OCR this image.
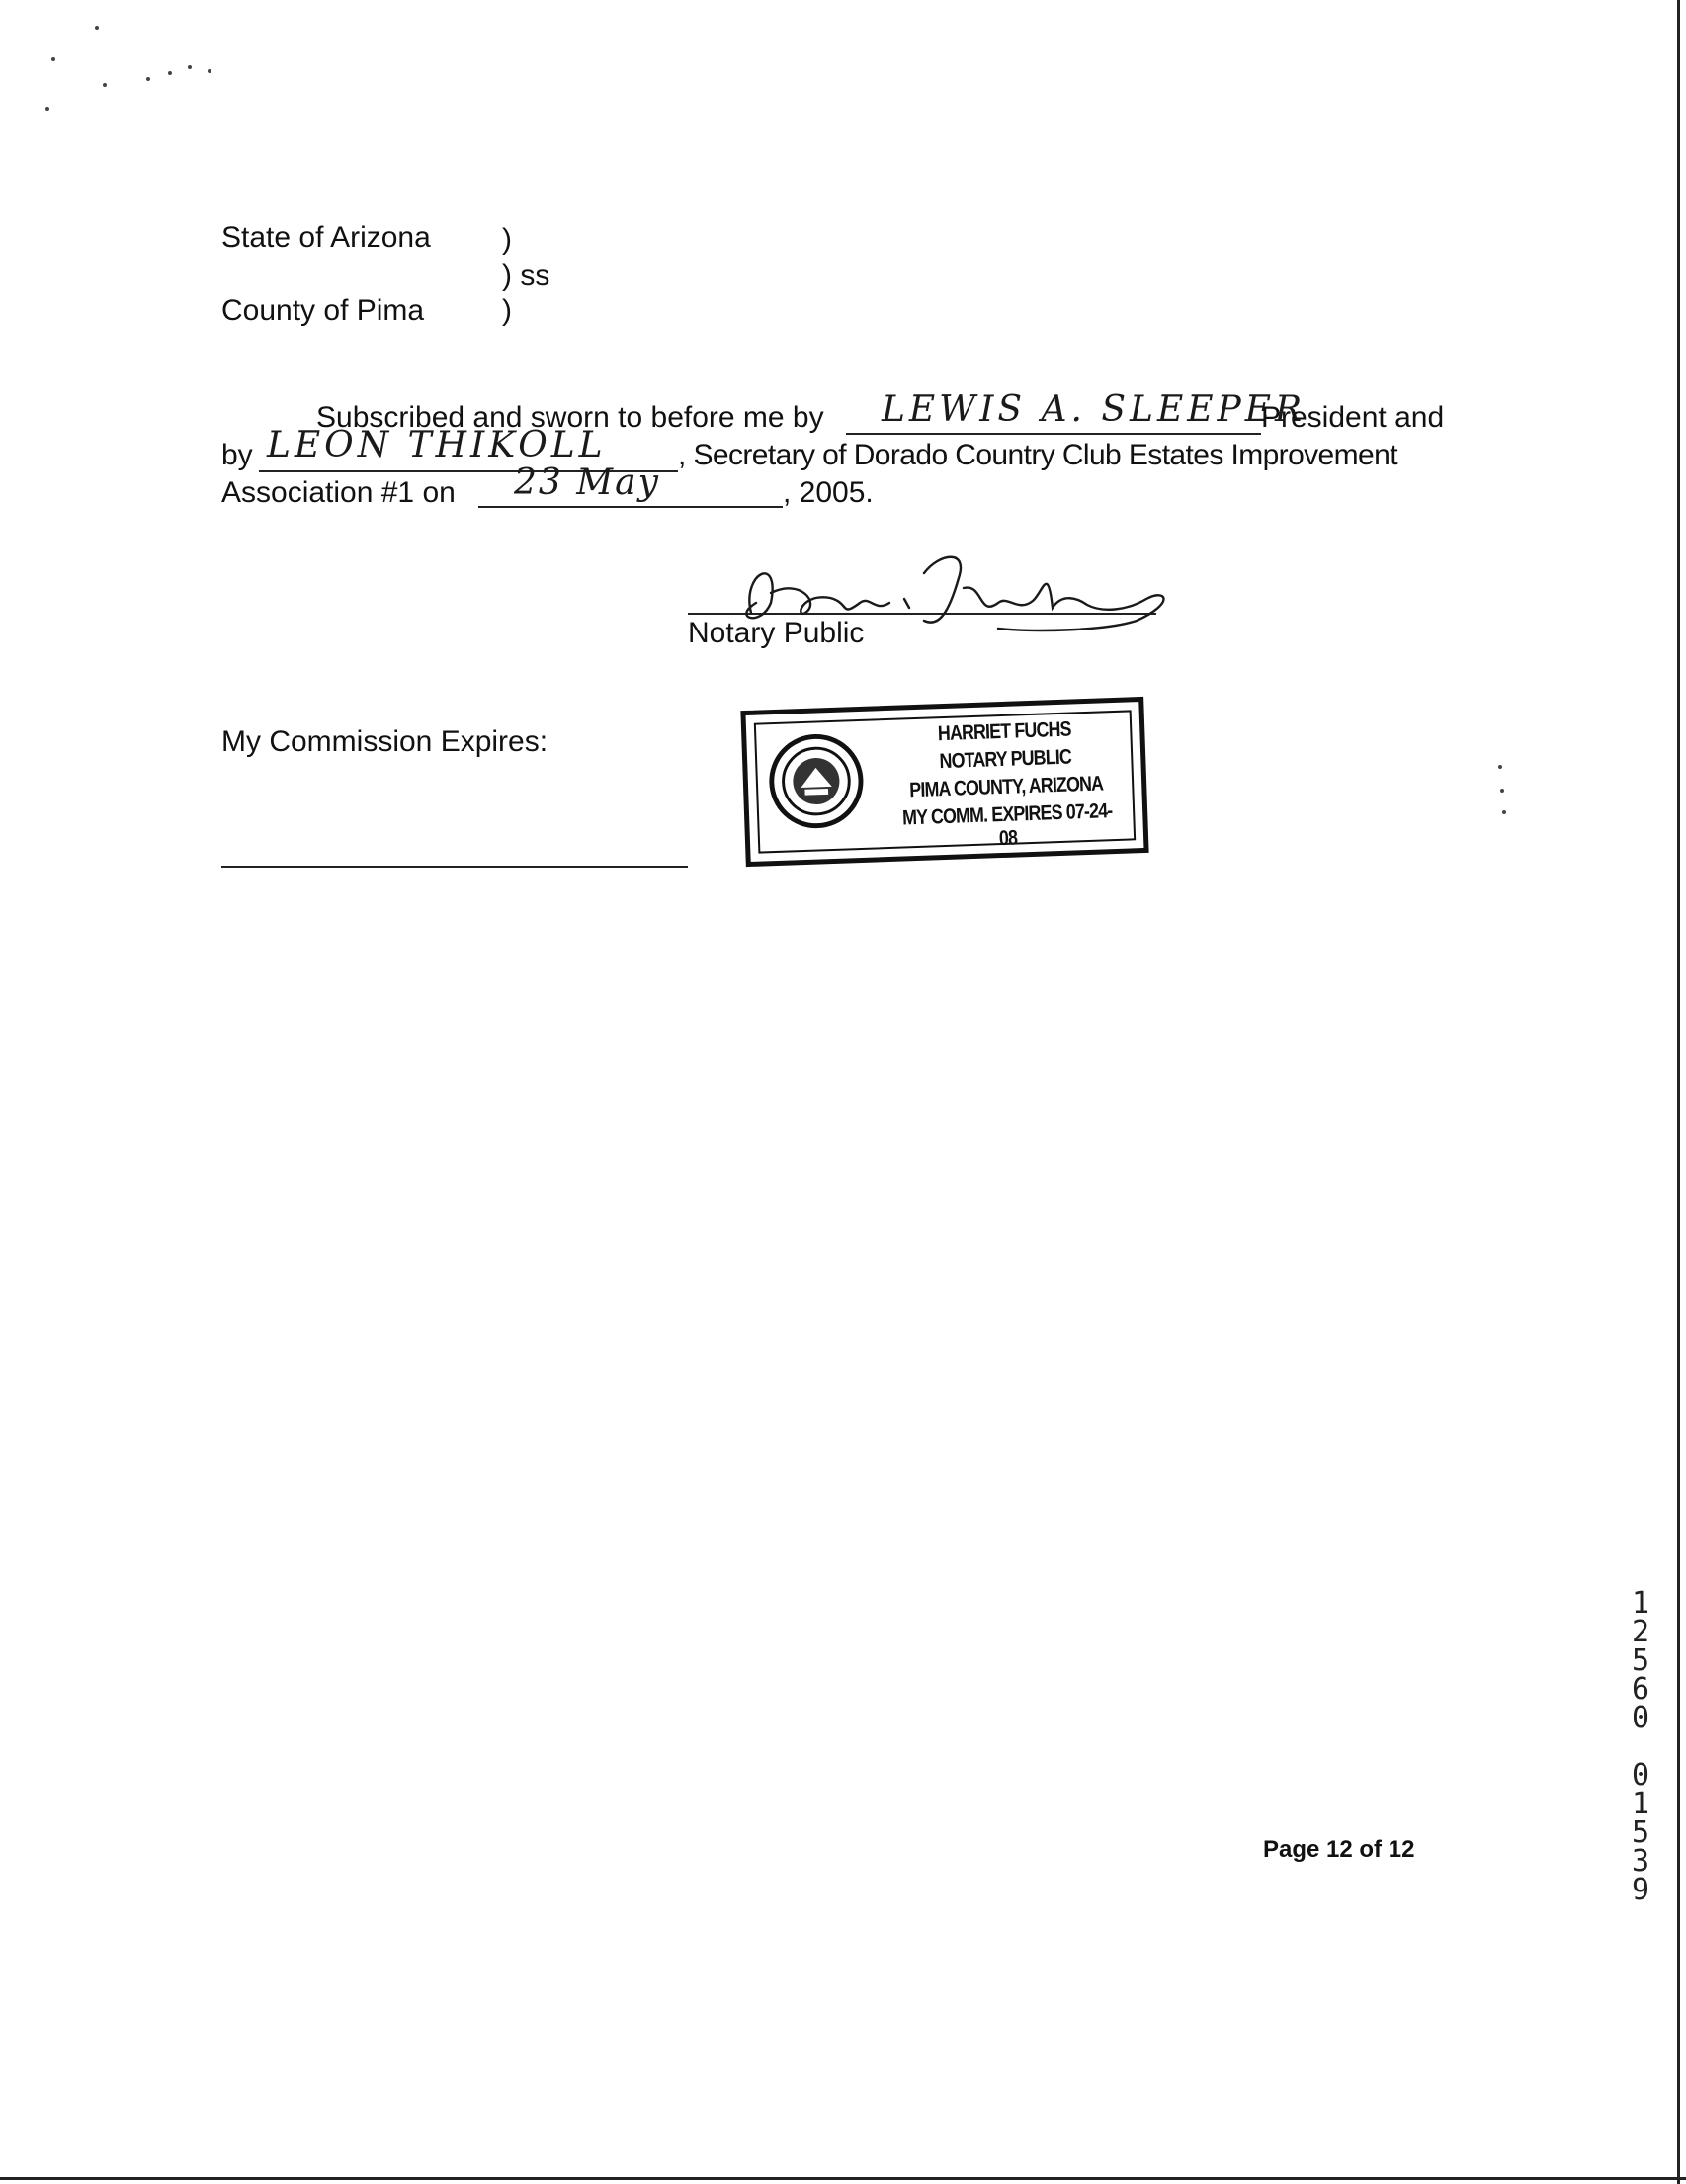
State of Arizona )
) ss
County of Pima	)
Subscribed and sworn to before me by LEWIS A. SLEEPER
President and
by LEON THIKOLL , Secretary of Dorado Country Club Estates Improvement
Association #1 on 23 May	, 2005.
Harriet Fuchs
Notary Public
My Commission Expires:	HARRIET FUCHS
NOTARY PUBLIC
PIMA COUNTY, ARIZONA
MY COMM. EXPIRES 07-24-08
Page 12 of 12
1
2
5
6
0

0
1
5
3
9
